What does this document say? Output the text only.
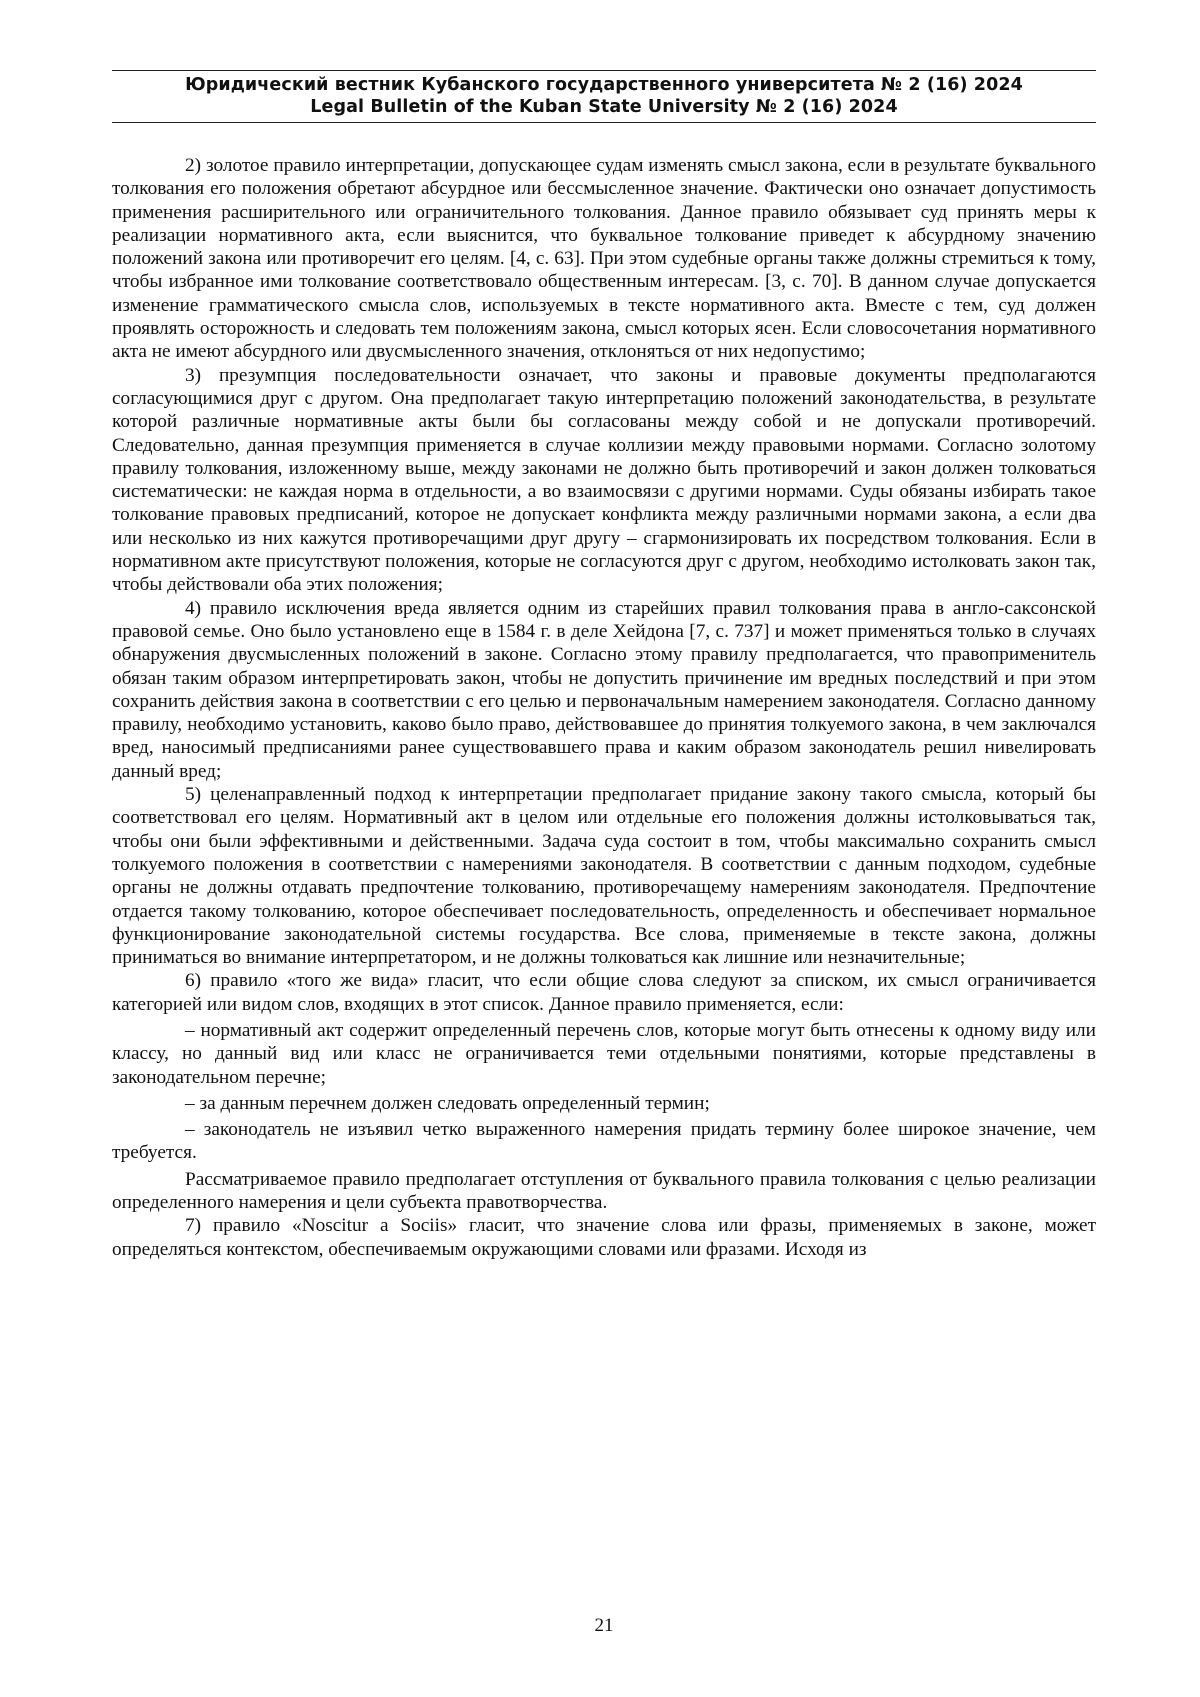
Юридический вестник Кубанского государственного университета № 2 (16) 2024
Legal Bulletin of the Kuban State University № 2 (16) 2024

2) золотое правило интерпретации, допускающее судам изменять смысл закона, если в результате буквального толкования его положения обретают абсурдное или бессмысленное значение. Фактически оно означает допустимость применения расширительного или ограничительного толкования. Данное правило обязывает суд принять меры к реализации нормативного акта, если выяснится, что буквальное толкование приведет к абсурдному значению положений закона или противоречит его целям. [4, с. 63]. При этом судебные органы также должны стремиться к тому, чтобы избранное ими толкование соответствовало общественным интересам. [3, с. 70]. В данном случае допускается изменение грамматического смысла слов, используемых в тексте нормативного акта. Вместе с тем, суд должен проявлять осторожность и следовать тем положениям закона, смысл которых ясен. Если словосочетания нормативного акта не имеют абсурдного или двусмысленного значения, отклоняться от них недопустимо;

3) презумпция последовательности означает, что законы и правовые документы предполагаются согласующимися друг с другом. Она предполагает такую интерпретацию положений законодательства, в результате которой различные нормативные акты были бы согласованы между собой и не допускали противоречий. Следовательно, данная презумпция применяется в случае коллизии между правовыми нормами. Согласно золотому правилу толкования, изложенному выше, между законами не должно быть противоречий и закон должен толковаться систематически: не каждая норма в отдельности, а во взаимосвязи с другими нормами. Суды обязаны избирать такое толкование правовых предписаний, которое не допускает конфликта между различными нормами закона, а если два или несколько из них кажутся противоречащими друг другу – сгармонизировать их посредством толкования. Если в нормативном акте присутствуют положения, которые не согласуются друг с другом, необходимо истолковать закон так, чтобы действовали оба этих положения;

4) правило исключения вреда является одним из старейших правил толкования права в англо-саксонской правовой семье. Оно было установлено еще в 1584 г. в деле Хейдона [7, с. 737] и может применяться только в случаях обнаружения двусмысленных положений в законе. Согласно этому правилу предполагается, что правоприменитель обязан таким образом интерпретировать закон, чтобы не допустить причинение им вредных последствий и при этом сохранить действия закона в соответствии с его целью и первоначальным намерением законодателя. Согласно данному правилу, необходимо установить, каково было право, действовавшее до принятия толкуемого закона, в чем заключался вред, наносимый предписаниями ранее существовавшего права и каким образом законодатель решил нивелировать данный вред;

5) целенаправленный подход к интерпретации предполагает придание закону такого смысла, который бы соответствовал его целям. Нормативный акт в целом или отдельные его положения должны истолковываться так, чтобы они были эффективными и действенными. Задача суда состоит в том, чтобы максимально сохранить смысл толкуемого положения в соответствии с намерениями законодателя. В соответствии с данным подходом, судебные органы не должны отдавать предпочтение толкованию, противоречащему намерениям законодателя. Предпочтение отдается такому толкованию, которое обеспечивает последовательность, определенность и обеспечивает нормальное функционирование законодательной системы государства. Все слова, применяемые в тексте закона, должны приниматься во внимание интерпретатором, и не должны толковаться как лишние или незначительные;

6) правило «того же вида» гласит, что если общие слова следуют за списком, их смысл ограничивается категорией или видом слов, входящих в этот список. Данное правило применяется, если:

– нормативный акт содержит определенный перечень слов, которые могут быть отнесены к одному виду или классу, но данный вид или класс не ограничивается теми отдельными понятиями, которые представлены в законодательном перечне;

– за данным перечнем должен следовать определенный термин;

– законодатель не изъявил четко выраженного намерения придать термину более широкое значение, чем требуется.

Рассматриваемое правило предполагает отступления от буквального правила толкования с целью реализации определенного намерения и цели субъекта правотворчества.

7) правило «Noscitur a Sociis» гласит, что значение слова или фразы, применяемых в законе, может определяться контекстом, обеспечиваемым окружающими словами или фразами. Исходя из

21
